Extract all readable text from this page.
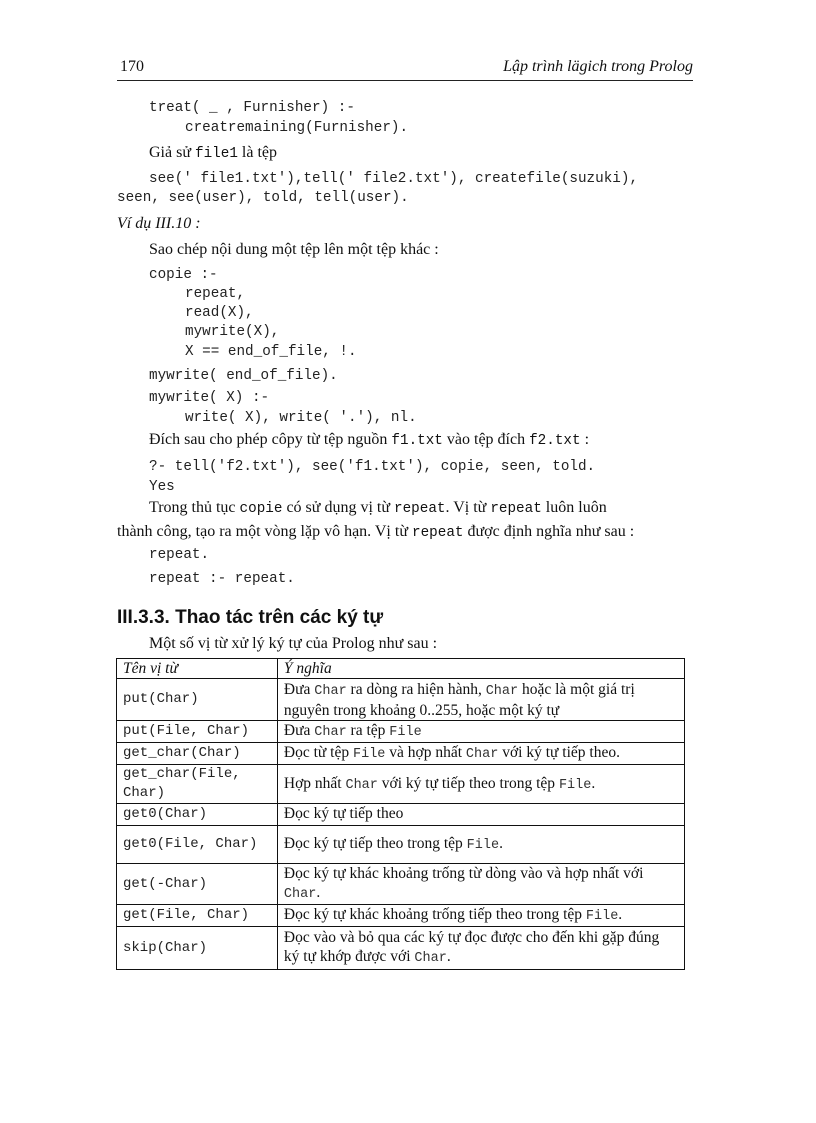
170	Lập trình lägich trong Prolog
treat( _ , Furnisher) :-
creatremaining(Furnisher).
Giả sử file1 là tệp
see(' file1.txt'),tell(' file2.txt'), createfile(suzuki),
seen, see(user), told, tell(user).
Ví dụ III.10 :
Sao chép nội dung một tệp lên một tệp khác :
copie :-
repeat,
read(X),
mywrite(X),
X == end_of_file, !.
mywrite( end_of_file).
mywrite( X) :-
write( X), write( '.'), nl.
Đích sau cho phép côpy từ tệp nguồn f1.txt vào tệp đích f2.txt :
?- tell('f2.txt'), see('f1.txt'), copie, seen, told.
Yes
Trong thủ tục copie có sử dụng vị từ repeat. Vị từ repeat luôn luôn
thành công, tạo ra một vòng lặp vô hạn. Vị từ repeat được định nghĩa như sau :
repeat.
repeat :- repeat.
III.3.3. Thao tác trên các ký tự
Một số vị từ xử lý ký tự của Prolog như sau :
Tên vị từ	Ý nghĩa
put(Char)	Đưa Char ra dòng ra hiện hành, Char hoặc là một giá trị nguyên trong khoảng 0..255, hoặc một ký tự
put(File, Char)	Đưa Char ra tệp File
get_char(Char)	Đọc từ tệp File và hợp nhất Char với ký tự tiếp theo.
get_char(File, Char)	Hợp nhất Char với ký tự tiếp theo trong tệp File.
get0(Char)	Đọc ký tự tiếp theo
get0(File, Char)	Đọc ký tự tiếp theo trong tệp File.
get(-Char)	Đọc ký tự khác khoảng trống từ dòng vào và hợp nhất với Char.
get(File, Char)	Đọc ký tự khác khoảng trống tiếp theo trong tệp File.
skip(Char)	Đọc vào và bỏ qua các ký tự đọc được cho đến khi gặp đúng ký tự khớp được với Char.
